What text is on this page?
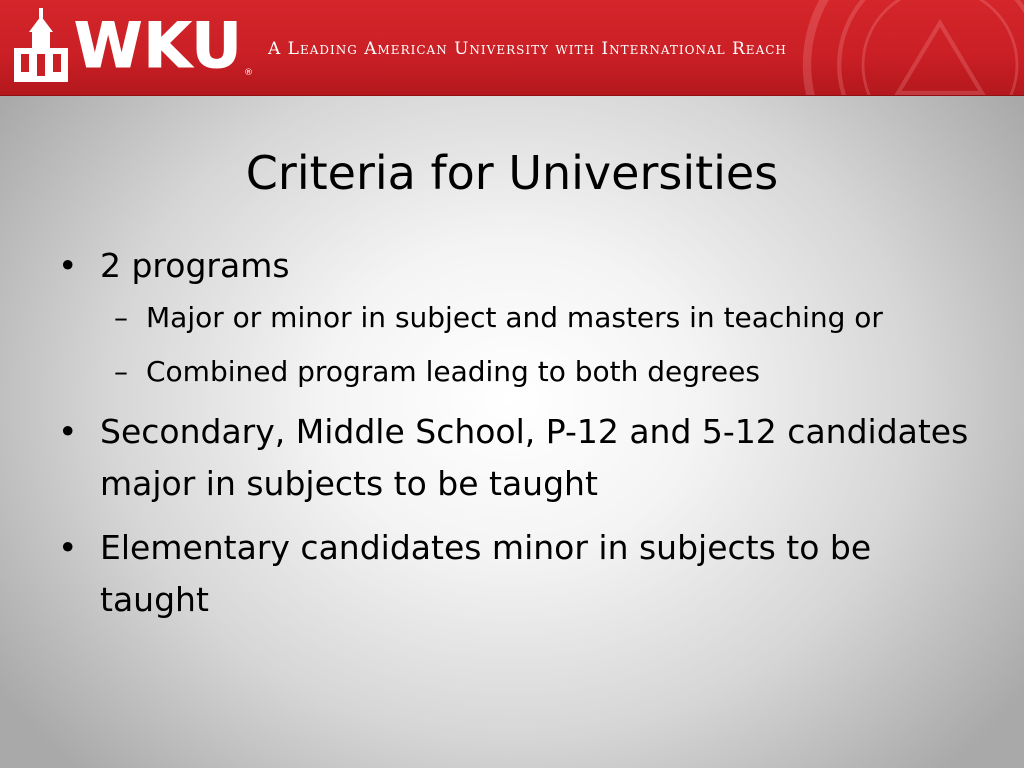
WKU ®
A Leading American University with International Reach
Criteria for Universities
• 2 programs
– Major or minor in subject and masters in teaching or
– Combined program leading to both degrees
• Secondary, Middle School, P-12 and 5-12 candidates major in subjects to be taught
• Elementary candidates minor in subjects to be taught
